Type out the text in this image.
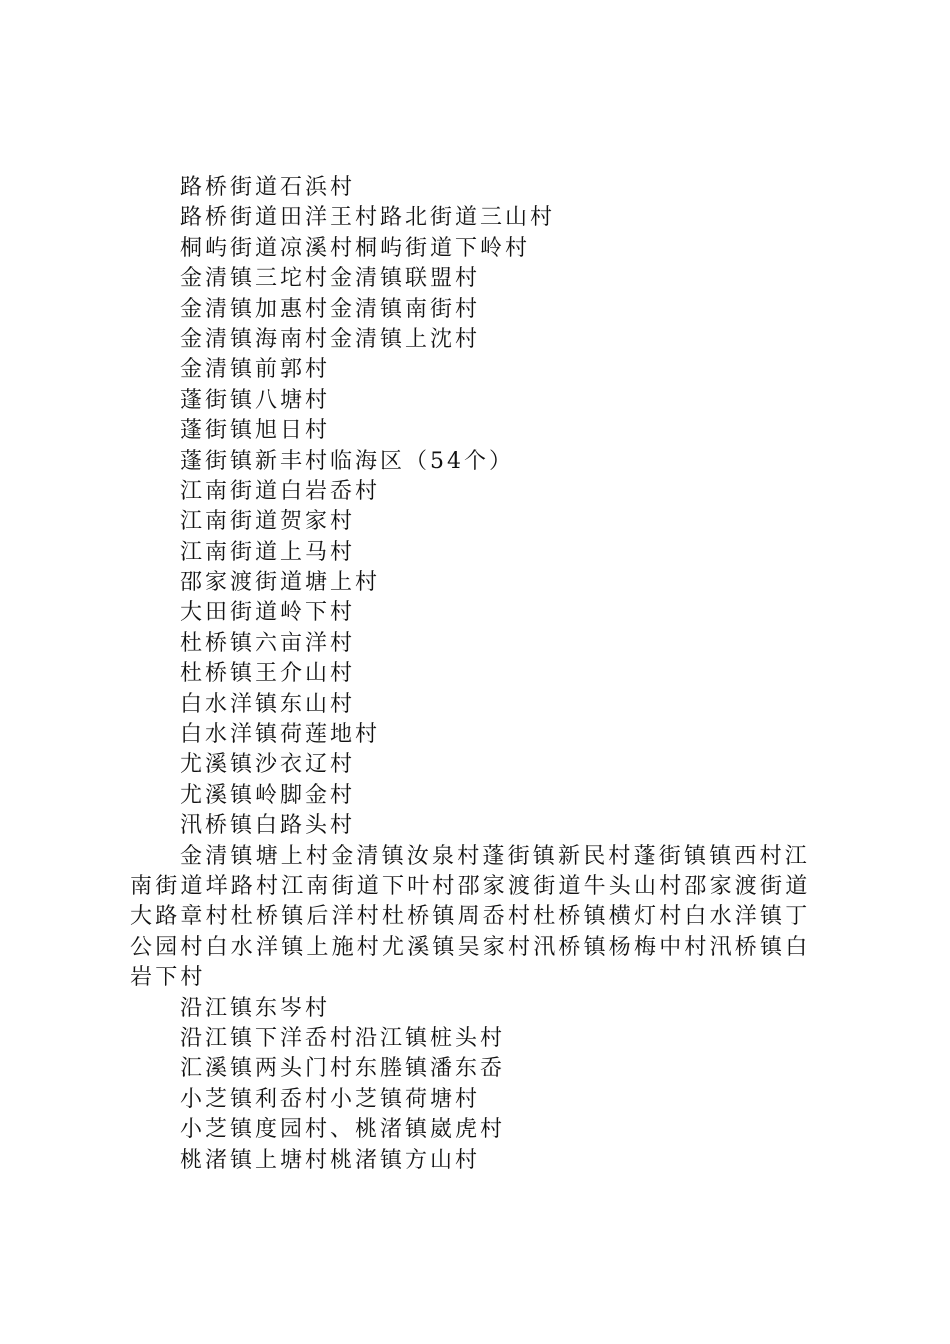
路桥街道石浜村
路桥街道田洋王村路北街道三山村
桐屿街道凉溪村桐屿街道下岭村
金清镇三坨村金清镇联盟村
金清镇加惠村金清镇南街村
金清镇海南村金清镇上沈村
金清镇前郭村
蓬街镇八塘村
蓬街镇旭日村
蓬街镇新丰村临海区（54个）
江南街道白岩岙村
江南街道贺家村
江南街道上马村
邵家渡街道塘上村
大田街道岭下村
杜桥镇六亩洋村
杜桥镇王介山村
白水洋镇东山村
白水洋镇荷莲地村
尤溪镇沙衣辽村
尤溪镇岭脚金村
汛桥镇白路头村

金清镇塘上村金清镇汝泉村蓬街镇新民村蓬街镇镇西村江南街道垟路村江南街道下叶村邵家渡街道牛头山村邵家渡街道大路章村杜桥镇后洋村杜桥镇周岙村杜桥镇横灯村白水洋镇丁公园村白水洋镇上施村尤溪镇吴家村汛桥镇杨梅中村汛桥镇白岩下村

沿江镇东岑村
沿江镇下洋岙村沿江镇桩头村
汇溪镇两头门村东塍镇潘东岙
小芝镇利岙村小芝镇荷塘村
小芝镇度园村、桃渚镇崴虎村
桃渚镇上塘村桃渚镇方山村
